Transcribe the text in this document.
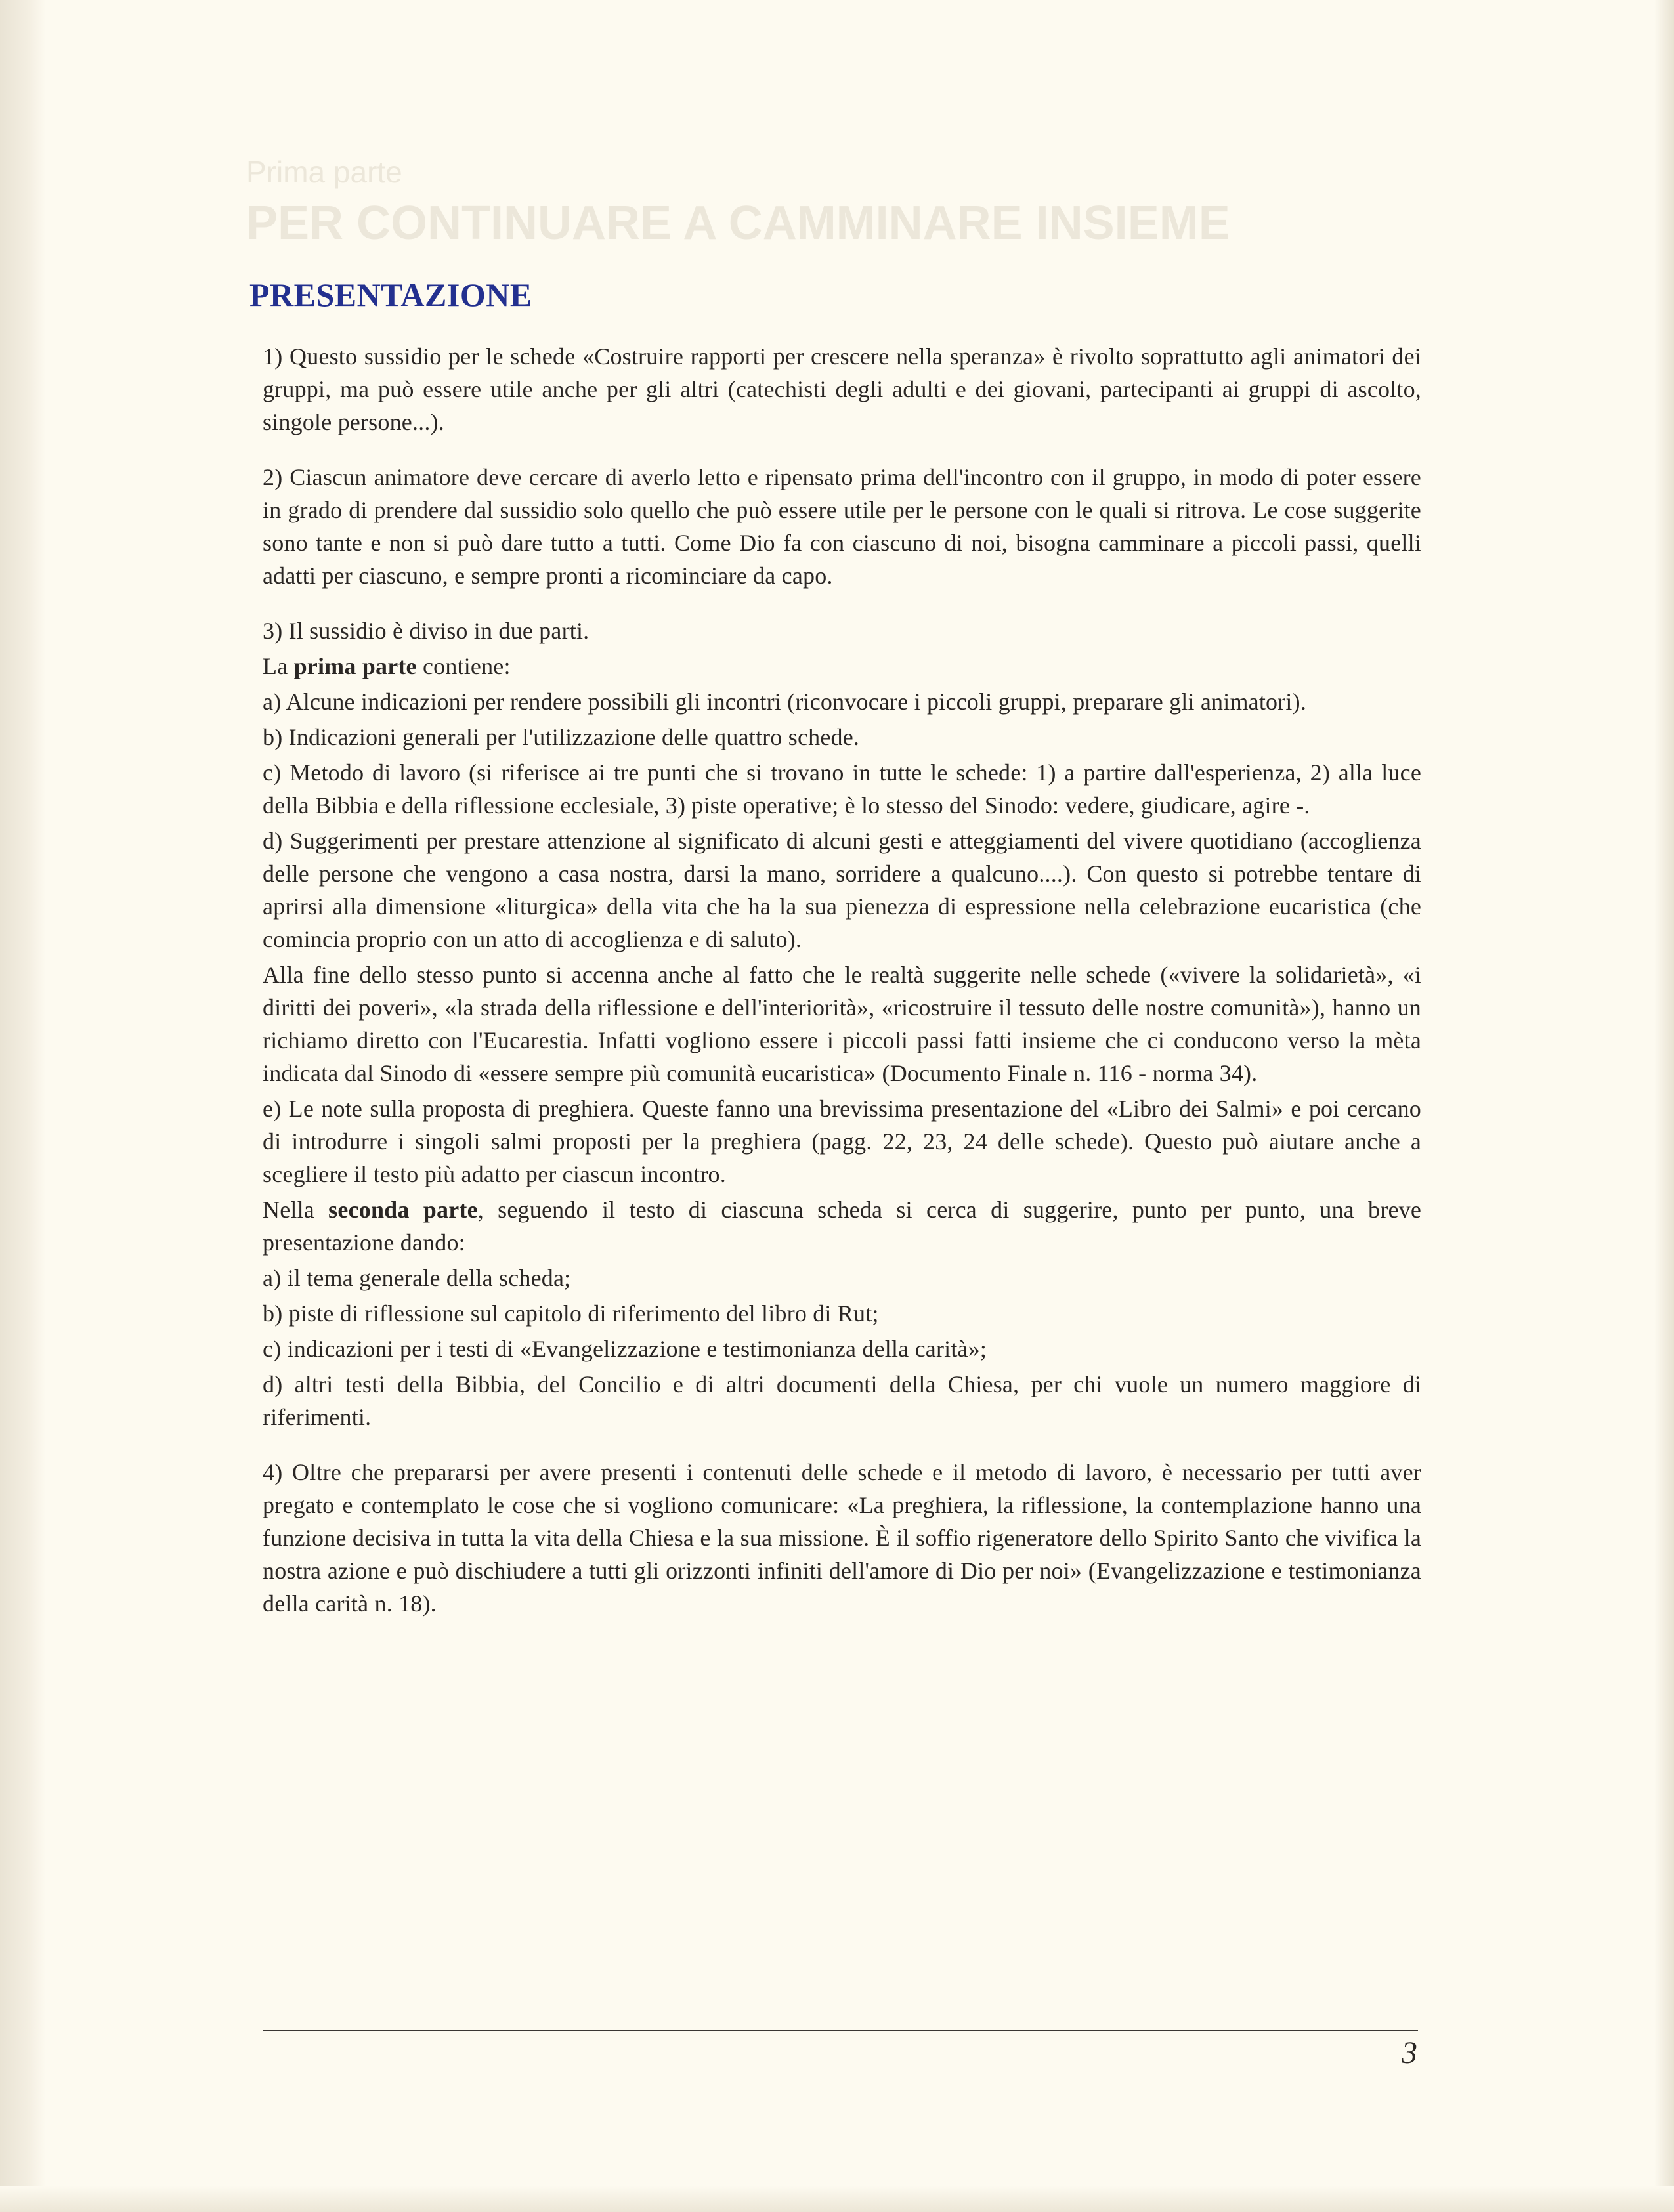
Prima parte
PER CONTINUARE A CAMMINARE INSIEME
PRESENTAZIONE

1) Questo sussidio per le schede «Costruire rapporti per crescere nella speranza» è rivolto soprattutto agli animatori dei gruppi, ma può essere utile anche per gli altri (catechisti degli adulti e dei giovani, partecipanti ai gruppi di ascolto, singole persone...).

2) Ciascun animatore deve cercare di averlo letto e ripensato prima dell'incontro con il gruppo, in modo di poter essere in grado di prendere dal sussidio solo quello che può essere utile per le persone con le quali si ritrova. Le cose suggerite sono tante e non si può dare tutto a tutti. Come Dio fa con ciascuno di noi, bisogna camminare a piccoli passi, quelli adatti per ciascuno, e sempre pronti a ricominciare da capo.

3) Il sussidio è diviso in due parti.

La prima parte contiene:

a) Alcune indicazioni per rendere possibili gli incontri (riconvocare i piccoli gruppi, preparare gli animatori).

b) Indicazioni generali per l'utilizzazione delle quattro schede.

c) Metodo di lavoro (si riferisce ai tre punti che si trovano in tutte le schede: 1) a partire dall'esperienza, 2) alla luce della Bibbia e della riflessione ecclesiale, 3) piste operative; è lo stesso del Sinodo: vedere, giudicare, agire -.

d) Suggerimenti per prestare attenzione al significato di alcuni gesti e atteggiamenti del vivere quotidiano (accoglienza delle persone che vengono a casa nostra, darsi la mano, sorridere a qualcuno....). Con questo si potrebbe tentare di aprirsi alla dimensione «liturgica» della vita che ha la sua pienezza di espressione nella celebrazione eucaristica (che comincia proprio con un atto di accoglienza e di saluto).

Alla fine dello stesso punto si accenna anche al fatto che le realtà suggerite nelle schede («vivere la solidarietà», «i diritti dei poveri», «la strada della riflessione e dell'interiorità», «ricostruire il tessuto delle nostre comunità»), hanno un richiamo diretto con l'Eucarestia. Infatti vogliono essere i piccoli passi fatti insieme che ci conducono verso la mèta indicata dal Sinodo di «essere sempre più comunità eucaristica» (Documento Finale n. 116 - norma 34).

e) Le note sulla proposta di preghiera. Queste fanno una brevissima presentazione del «Libro dei Salmi» e poi cercano di introdurre i singoli salmi proposti per la preghiera (pagg. 22, 23, 24 delle schede). Questo può aiutare anche a scegliere il testo più adatto per ciascun incontro.

Nella seconda parte, seguendo il testo di ciascuna scheda si cerca di suggerire, punto per punto, una breve presentazione dando:

a) il tema generale della scheda;

b) piste di riflessione sul capitolo di riferimento del libro di Rut;

c) indicazioni per i testi di «Evangelizzazione e testimonianza della carità»;

d) altri testi della Bibbia, del Concilio e di altri documenti della Chiesa, per chi vuole un numero maggiore di riferimenti.

4) Oltre che prepararsi per avere presenti i contenuti delle schede e il metodo di lavoro, è necessario per tutti aver pregato e contemplato le cose che si vogliono comunicare: «La preghiera, la riflessione, la contemplazione hanno una funzione decisiva in tutta la vita della Chiesa e la sua missione. È il soffio rigeneratore dello Spirito Santo che vivifica la nostra azione e può dischiudere a tutti gli orizzonti infiniti dell'amore di Dio per noi» (Evangelizzazione e testimonianza della carità n. 18).

3
